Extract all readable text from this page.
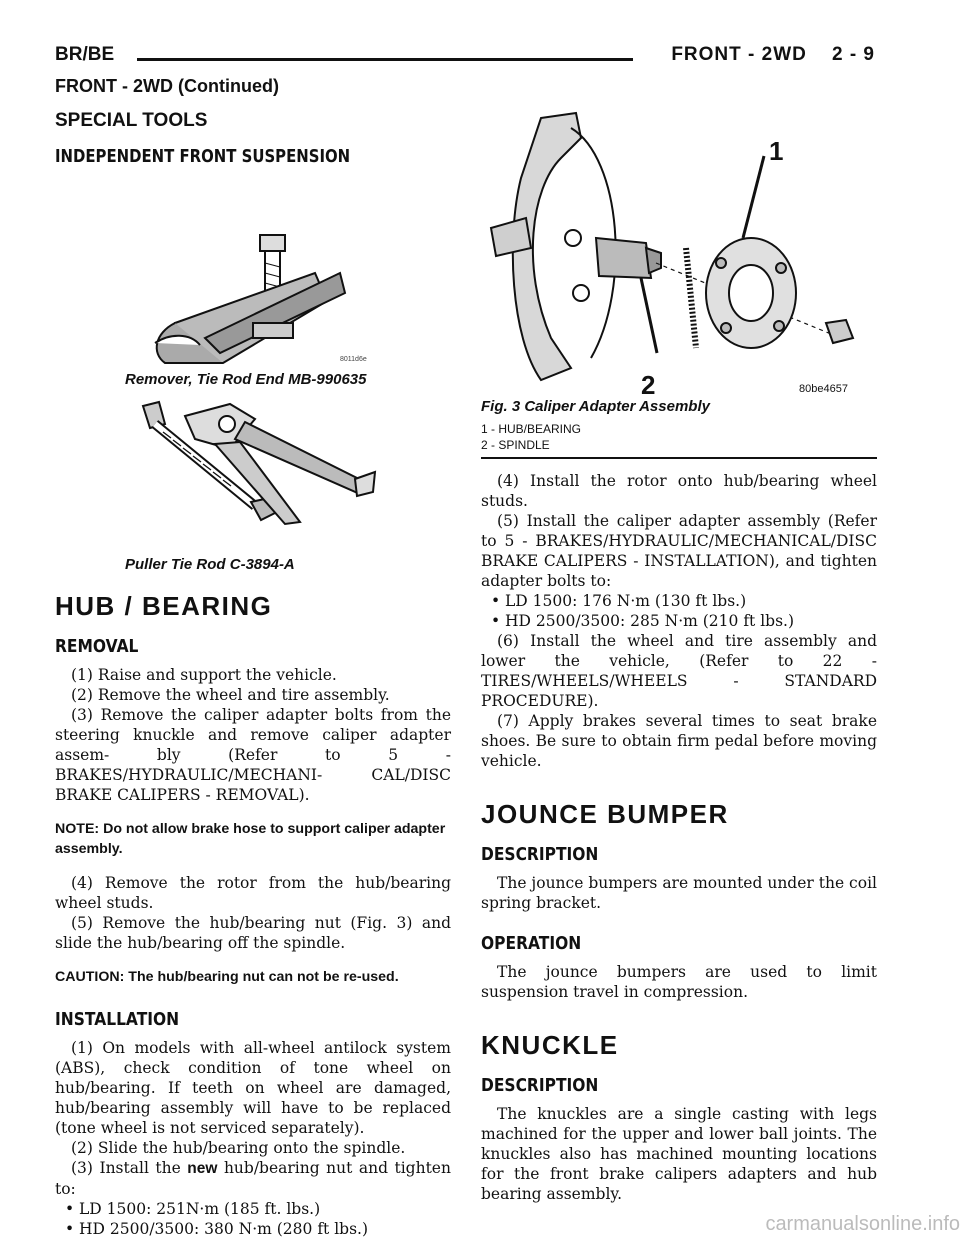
BR/BE	FRONT - 2WD    2 - 9
FRONT - 2WD (Continued)
SPECIAL TOOLS
INDEPENDENT FRONT SUSPENSION
8011d6e
Remover, Tie Rod End MB-990635
Puller Tie Rod C-3894-A
HUB / BEARING
REMOVAL

(1) Raise and support the vehicle.

(2) Remove the wheel and tire assembly.

(3) Remove the caliper adapter bolts from the steering knuckle and remove caliper adapter assem- bly (Refer to 5 - BRAKES/HYDRAULIC/MECHANI- CAL/DISC BRAKE CALIPERS - REMOVAL).

NOTE: Do not allow brake hose to support caliper adapter assembly.

(4) Remove the rotor from the hub/bearing wheel studs.

(5) Remove the hub/bearing nut (Fig. 3) and slide the hub/bearing off the spindle.

CAUTION: The hub/bearing nut can not be re-used.
INSTALLATION

(1) On models with all-wheel antilock system (ABS), check condition of tone wheel on hub/bearing. If teeth on wheel are damaged, hub/bearing assembly will have to be replaced (tone wheel is not serviced separately).

(2) Slide the hub/bearing onto the spindle.

(3) Install the new hub/bearing nut and tighten to:

• LD 1500: 251N·m (185 ft. lbs.)
• HD 2500/3500: 380 N·m (280 ft lbs.)
1
2	80be4657
Fig. 3 Caliper Adapter Assembly
1 - HUB/BEARING
2 - SPINDLE

(4) Install the rotor onto hub/bearing wheel studs.

(5) Install the caliper adapter assembly (Refer to 5 - BRAKES/HYDRAULIC/MECHANICAL/DISC BRAKE CALIPERS - INSTALLATION), and tighten adapter bolts to:

• LD 1500: 176 N·m (130 ft lbs.)
• HD 2500/3500: 285 N·m (210 ft lbs.)

(6) Install the wheel and tire assembly and lower the vehicle, (Refer to 22 - TIRES/WHEELS/WHEELS - STANDARD PROCEDURE).

(7) Apply brakes several times to seat brake shoes. Be sure to obtain firm pedal before moving vehicle.

JOUNCE BUMPER
DESCRIPTION

The jounce bumpers are mounted under the coil spring bracket.

OPERATION

The jounce bumpers are used to limit suspension travel in compression.

KNUCKLE
DESCRIPTION

The knuckles are a single casting with legs machined for the upper and lower ball joints. The knuckles also has machined mounting locations for the front brake calipers adapters and hub bearing assembly.

carmanualsonline.info
